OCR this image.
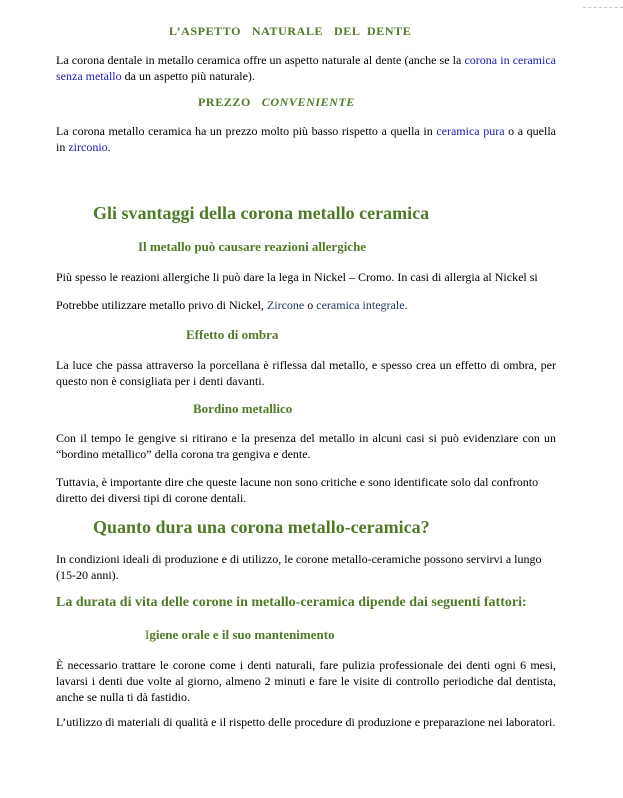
L’ASPETTO   NATURALE   DEL  DENTE

La corona dentale in metallo ceramica offre un aspetto naturale al dente (anche se la corona in ceramica senza metallo da un aspetto più naturale).

PREZZO   CONVENIENTE

La corona metallo ceramica ha un prezzo molto più basso rispetto a quella in ceramica pura o a quella in zirconio.

Gli svantaggi della corona metallo ceramica
Il metallo può causare reazioni allergiche

Più spesso le reazioni allergiche li può dare la lega in Nickel – Cromo. In casi di allergia al Nickel si

Potrebbe utilizzare metallo privo di Nickel, Zircone o ceramica integrale.

Effetto di ombra

La luce che passa attraverso la porcellana è riflessa dal metallo, e spesso crea un effetto di ombra, per questo non è consigliata per i denti davanti.

Bordino metallico

Con il tempo le gengive si ritirano e la presenza del metallo in alcuni casi si può evidenziare con un “bordino metallico” della corona tra gengiva e dente.

Tuttavia, è importante dire che queste lacune non sono critiche e sono identificate solo dal confronto diretto dei diversi tipi di corone dentali.

Quanto dura una corona metallo-ceramica?

In condizioni ideali di produzione e di utilizzo, le corone metallo-ceramiche possono servirvi a lungo (15-20 anni).

La durata di vita delle corone in metallo-ceramica dipende dai seguenti fattori:
Igiene orale e il suo mantenimento

È necessario trattare le corone come i denti naturali, fare pulizia professionale dei denti ogni 6 mesi, lavarsi i denti due volte al giorno, almeno 2 minuti e fare le visite di controllo periodiche dal dentista, anche se nulla ti dà fastidio.

L’utilizzo di materiali di qualità e il rispetto delle procedure di produzione e preparazione nei laboratori.
